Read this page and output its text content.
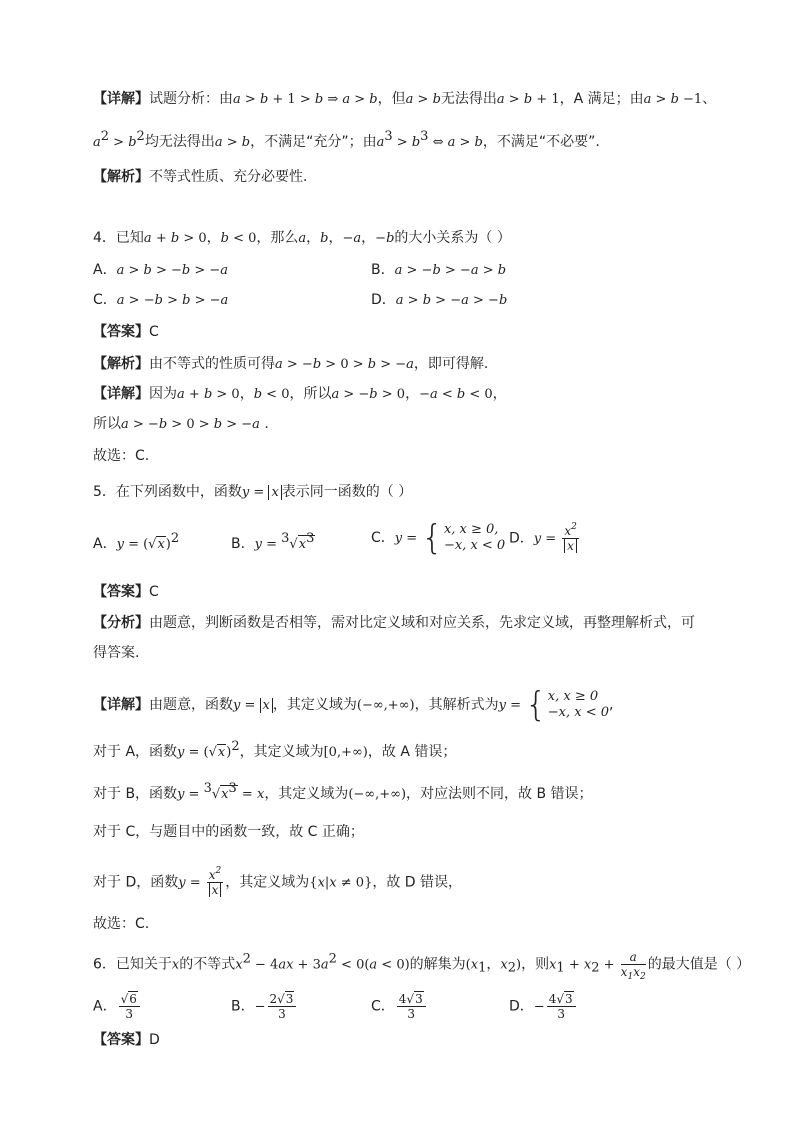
【详解】试题分析：由a > b + 1 > b ⇒ a > b，但a > b无法得出a > b + 1，A 满足；由a > b −1、
$a^2 > b^2$均无法得出a > b，不满足“充分”；由$a^3 > b^3$ ⇔ a > b，不满足“不必要”.
【解析】不等式性质、充分必要性.
4．已知a + b > 0，b < 0，那么a，b，−a，−b的大小关系为（ ）
A．a > b > −b > −a	B．a > −b > −a > b
C．a > −b > b > −a	D．a > b > −a > −b
【答案】C
【解析】由不等式的性质可得a > −b > 0 > b > −a，即可得解.
【详解】因为a + b > 0，b < 0，所以a > −b > 0，−a < b < 0，
所以a > −b > 0 > b > −a .
故选：C.
5．在下列函数中，函数y = x 表示同一函数的（ ）
A．$y = (√x)^2$	B．$y = ^3√x^3$	C．y = { x, x ≥ 0,
−x, x < 0 D．$y = \frac{x^2}{x}$
【答案】C
【分析】由题意，判断函数是否相等，需对比定义域和对应关系，先求定义域，再整理解析式，可
得答案.
【详解】由题意，函数y = x ，其定义域为(−∞,+∞)，其解析式为y = { x, x ≥ 0
−x, x < 0 ,
对于 A，函数$y = (√x)^2$，其定义域为[0,+∞)，故 A 错误；
对于 B，函数$y = ^3√x^3 = x$，其定义域为(−∞,+∞)，对应法则不同，故 B 错误；
对于 C，与题目中的函数一致，故 C 正确；
对于 D，函数$y = \frac{x^2}{x}$ ，其定义域为{x|x ≠ 0}，故 D 错误，
故选：C.
6．已知关于x的不等式$x^2 - 4ax + 3a^2 < 0(a < 0)$的解集为($x_1$，$x_2$)，则$x_1 + x_2 + \frac{a}{x_1x_2}$ 的最大值是（ ）
A． $\frac{√6}{3}$	B．− $\frac{2√3}{3}$	C． $\frac{4√3}{3}$	D．− $\frac{4√3}{3}$
【答案】D
